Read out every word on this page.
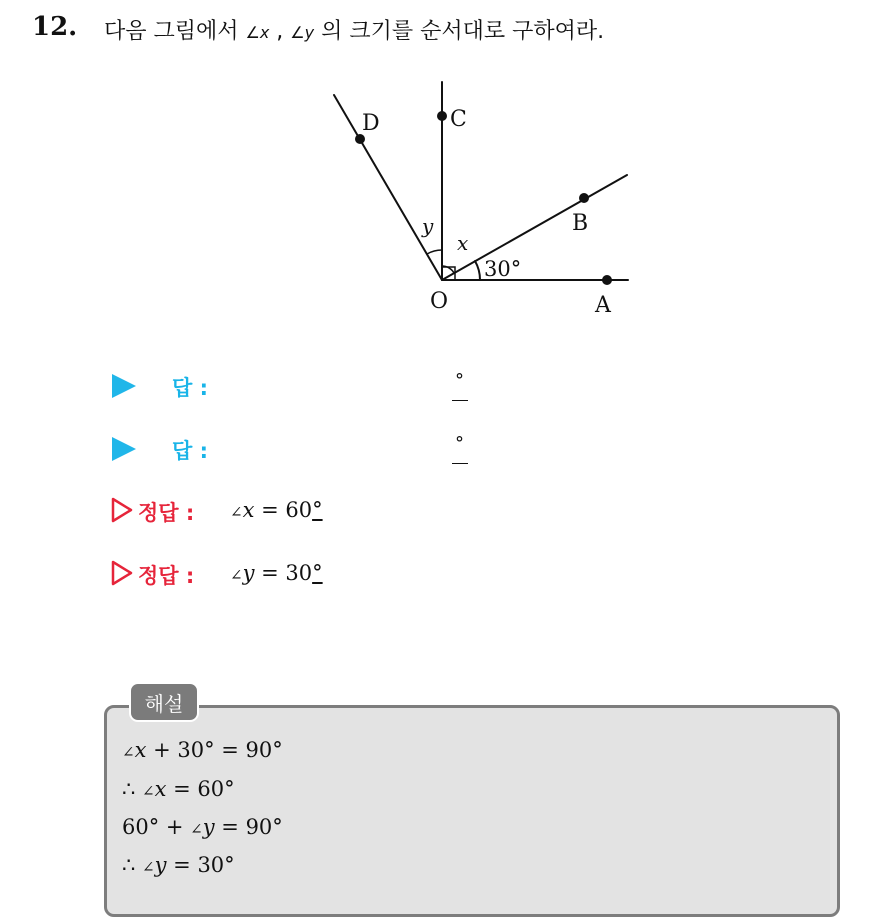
12. 다음 그림에서 ∠x , ∠y 의 크기를 순서대로 구하여라.
D	C
B
A
O
x
y
30°
답 :	°
답 :	°
정답 : ∠x = 60°
정답 : ∠y = 30°
해설
∠x + 30° = 90°
∴ ∠x = 60°
60° + ∠y = 90°
∴ ∠y = 30°
